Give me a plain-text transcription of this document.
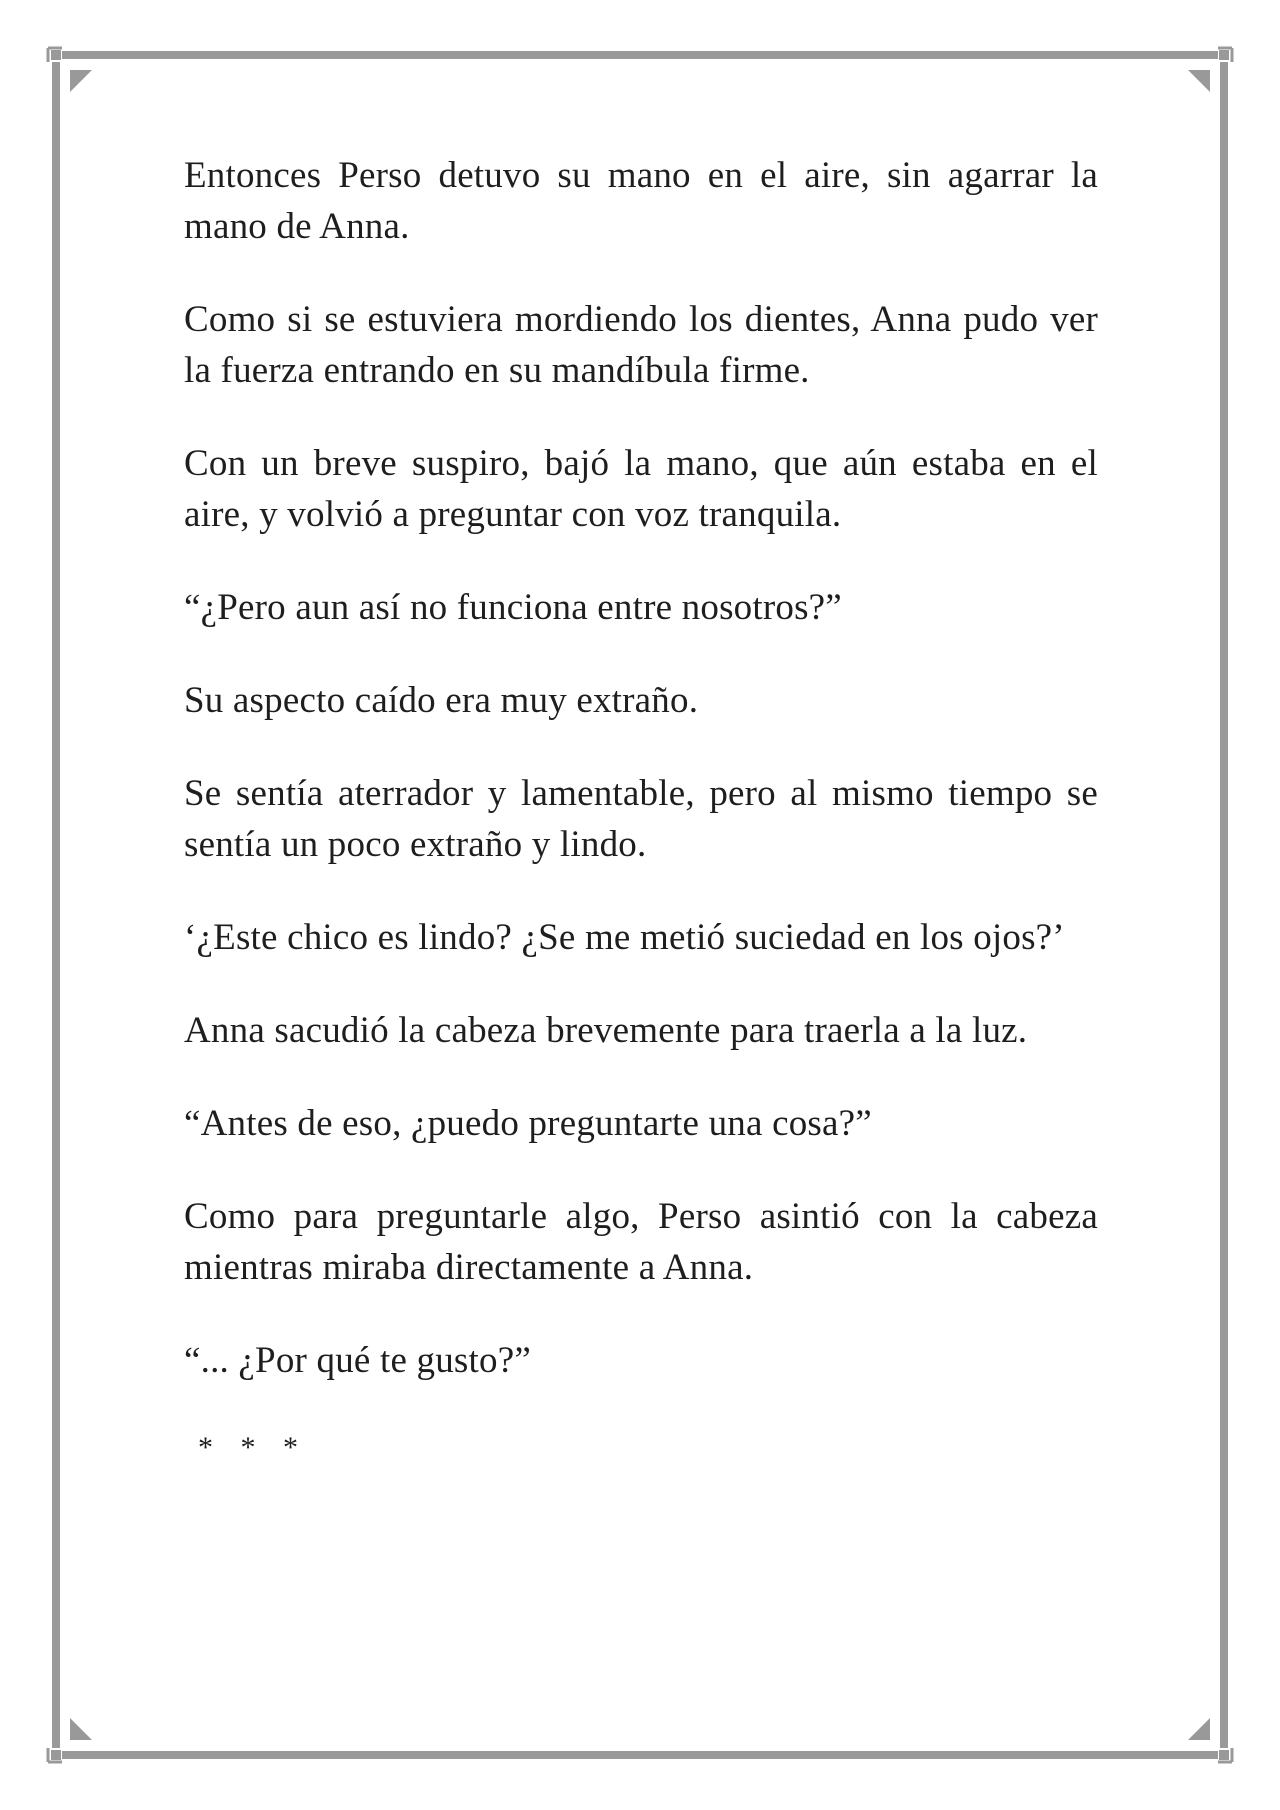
Entonces Perso detuvo su mano en el aire, sin agarrar la mano de Anna.

Como si se estuviera mordiendo los dientes, Anna pudo ver la fuerza entrando en su mandíbula firme.

Con un breve suspiro, bajó la mano, que aún estaba en el aire, y volvió a preguntar con voz tranquila.

“¿Pero aun así no funciona entre nosotros?”

Su aspecto caído era muy extraño.

Se sentía aterrador y lamentable, pero al mismo tiempo se sentía un poco extraño y lindo.

‘¿Este chico es lindo? ¿Se me metió suciedad en los ojos?’

Anna sacudió la cabeza brevemente para traerla a la luz.

“Antes de eso, ¿puedo preguntarte una cosa?”

Como para preguntarle algo, Perso asintió con la cabeza mientras miraba directamente a Anna.

“... ¿Por qué te gusto?”

* * *
